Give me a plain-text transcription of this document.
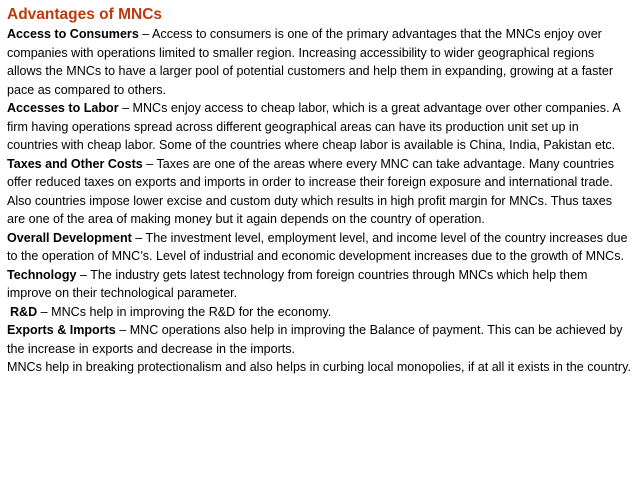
Advantages of MNCs

Access to Consumers – Access to consumers is one of the primary advantages that the MNCs enjoy over companies with operations limited to smaller region. Increasing accessibility to wider geographical regions allows the MNCs to have a larger pool of potential customers and help them in expanding, growing at a faster pace as compared to others.

Accesses to Labor – MNCs enjoy access to cheap labor, which is a great advantage over other companies. A firm having operations spread across different geographical areas can have its production unit set up in countries with cheap labor. Some of the countries where cheap labor is available is China, India, Pakistan etc.

Taxes and Other Costs – Taxes are one of the areas where every MNC can take advantage. Many countries offer reduced taxes on exports and imports in order to increase their foreign exposure and international trade. Also countries impose lower excise and custom duty which results in high profit margin for MNCs. Thus taxes are one of the area of making money but it again depends on the country of operation.

Overall Development – The investment level, employment level, and income level of the country increases due to the operation of MNC’s. Level of industrial and economic development increases due to the growth of MNCs.

Technology – The industry gets latest technology from foreign countries through MNCs which help them improve on their technological parameter.

R&D – MNCs help in improving the R&D for the economy.

Exports & Imports – MNC operations also help in improving the Balance of payment. This can be achieved by the increase in exports and decrease in the imports.

MNCs help in breaking protectionalism and also helps in curbing local monopolies, if at all it exists in the country.
